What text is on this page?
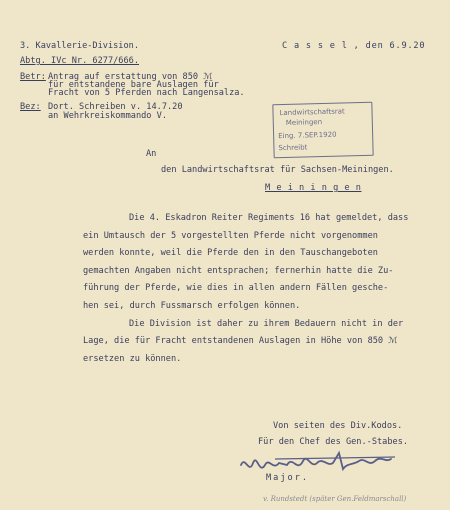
3. Kavallerie-Division.	C a s s e l , den 6.9.20
Abtg. IVc Nr. 6277/666.
Betr: Antrag auf erstattung von 850 ℳ
für entstandene bare Auslagen für
Fracht von 5 Pferden nach Langensalza.
Bez: Dort. Schreiben v. 14.7.20
an Wehrkreiskommando V.	Landwirtschaftsrat
Meiningen
Eing. 7.SEP.1920
Schreibt
An
den Landwirtschaftsrat für Sachsen-Meiningen.
M e i n i n g e n
Die 4. Eskadron Reiter Regiments 16 hat gemeldet, dass
ein Umtausch der 5 vorgestellten Pferde nicht vorgenommen
werden konnte, weil die Pferde den in den Tauschangeboten
gemachten Angaben nicht entsprachen; fernerhin hatte die Zu-
führung der Pferde, wie dies in allen andern Fällen gesche-
hen sei, durch Fussmarsch erfolgen können.
Die Division ist daher zu ihrem Bedauern nicht in der
Lage, die für Fracht entstandenen Auslagen in Höhe von 850 ℳ
ersetzen zu können.
Von seiten des Div.Kodos.
Für den Chef des Gen.-Stabes.
Major.
v. Rundstedt (später Gen.Feldmarschall)
